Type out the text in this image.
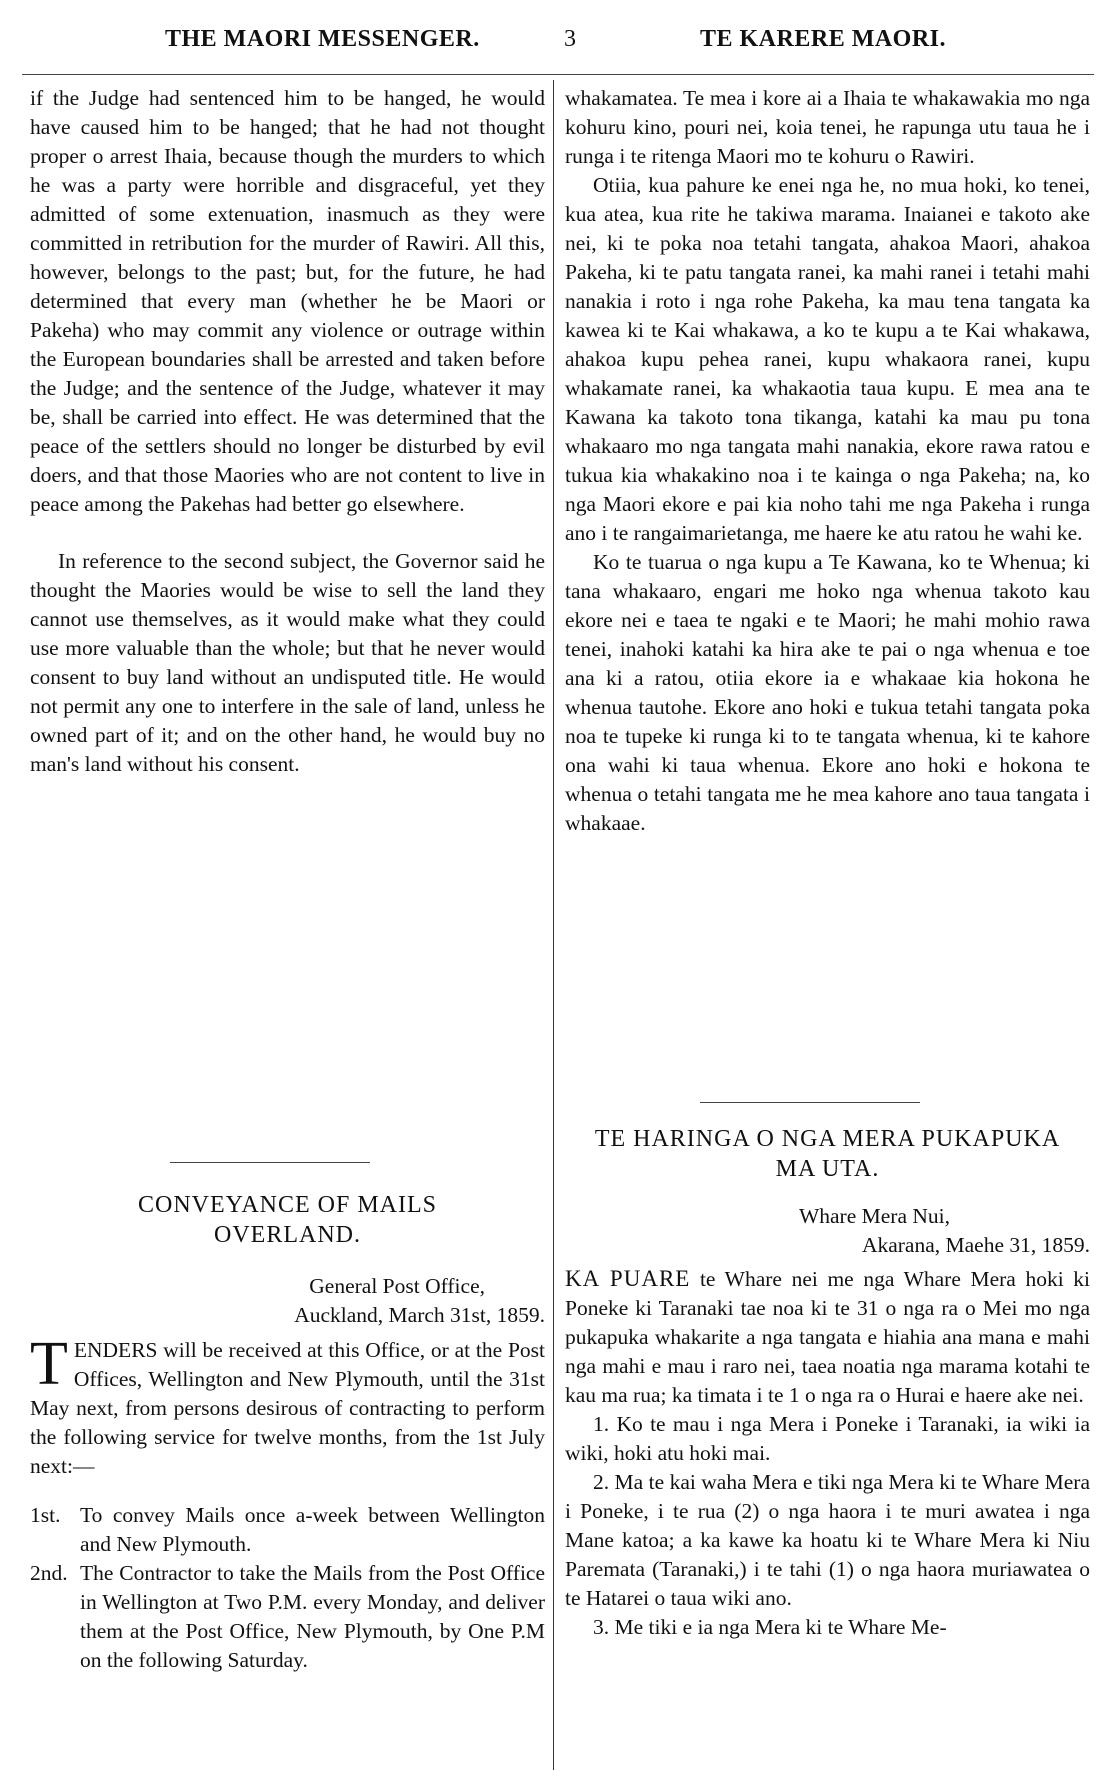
THE MAORI MESSENGER.	3	TE KARERE MAORI.

if the Judge had sentenced him to be hanged, he would have caused him to be hanged; that he had not thought proper o arrest Ihaia, because though the murders to which he was a party were horrible and disgraceful, yet they admitted of some extenuation, inasmuch as they were committed in retribution for the murder of Rawiri. All this, however, belongs to the past; but, for the future, he had determined that every man (whether he be Maori or Pakeha) who may commit any violence or outrage within the European boundaries shall be arrested and taken before the Judge; and the sentence of the Judge, whatever it may be, shall be carried into effect. He was determined that the peace of the settlers should no longer be disturbed by evil doers, and that those Maories who are not content to live in peace among the Pakehas had better go elsewhere.

In reference to the second subject, the Governor said he thought the Maories would be wise to sell the land they cannot use themselves, as it would make what they could use more valuable than the whole; but that he never would consent to buy land without an undisputed title. He would not permit any one to interfere in the sale of land, unless he owned part of it; and on the other hand, he would buy no man's land without his consent.

CONVEYANCE OF MAILS OVERLAND.

General Post Office,

Auckland, March 31st, 1859.

T ENDERS will be received at this Office, or at the Post Offices, Wellington and New Plymouth, until the 31st May next, from persons desirous of contracting to perform the following service for twelve months, from the 1st July next:—

1st. To convey Mails once a-week between Wellington and New Plymouth.
2nd. The Contractor to take the Mails from the Post Office in Wellington at Two P.M. every Monday, and deliver them at the Post Office, New Plymouth, by One P.M on the following Saturday.

whakamatea. Te mea i kore ai a Ihaia te whakawakia mo nga kohuru kino, pouri nei, koia tenei, he rapunga utu taua he i runga i te ritenga Maori mo te kohuru o Rawiri.

Otiia, kua pahure ke enei nga he, no mua hoki, ko tenei, kua atea, kua rite he takiwa marama. Inaianei e takoto ake nei, ki te poka noa tetahi tangata, ahakoa Maori, ahakoa Pakeha, ki te patu tangata ranei, ka mahi ranei i tetahi mahi nanakia i roto i nga rohe Pakeha, ka mau tena tangata ka kawea ki te Kai whakawa, a ko te kupu a te Kai whakawa, ahakoa kupu pehea ranei, kupu whakaora ranei, kupu whakamate ranei, ka whakaotia taua kupu. E mea ana te Kawana ka takoto tona tikanga, katahi ka mau pu tona whakaaro mo nga tangata mahi nanakia, ekore rawa ratou e tukua kia whakakino noa i te kainga o nga Pakeha; na, ko nga Maori ekore e pai kia noho tahi me nga Pakeha i runga ano i te rangaimarietanga, me haere ke atu ratou he wahi ke.

Ko te tuarua o nga kupu a Te Kawana, ko te Whenua; ki tana whakaaro, engari me hoko nga whenua takoto kau ekore nei e taea te ngaki e te Maori; he mahi mohio rawa tenei, inahoki katahi ka hira ake te pai o nga whenua e toe ana ki a ratou, otiia ekore ia e whakaae kia hokona he whenua tautohe. Ekore ano hoki e tukua tetahi tangata poka noa te tupeke ki runga ki to te tangata whenua, ki te kahore ona wahi ki taua whenua. Ekore ano hoki e hokona te whenua o tetahi tangata me he mea kahore ano taua tangata i whakaae.

TE HARINGA O NGA MERA PUKAPUKA MA UTA.

Whare Mera Nui,

Akarana, Maehe 31, 1859.

KA PUARE te Whare nei me nga Whare Mera hoki ki Poneke ki Taranaki tae noa ki te 31 o nga ra o Mei mo nga pukapuka whakarite a nga tangata e hiahia ana mana e mahi nga mahi e mau i raro nei, taea noatia nga marama kotahi te kau ma rua; ka timata i te 1 o nga ra o Hurai e haere ake nei.

1. Ko te mau i nga Mera i Poneke i Taranaki, ia wiki ia wiki, hoki atu hoki mai.

2. Ma te kai waha Mera e tiki nga Mera ki te Whare Mera i Poneke, i te rua (2) o nga haora i te muri awatea i nga Mane katoa; a ka kawe ka hoatu ki te Whare Mera ki Niu Paremata (Taranaki,) i te tahi (1) o nga haora muriawatea o te Hatarei o taua wiki ano.

3. Me tiki e ia nga Mera ki te Whare Me-
